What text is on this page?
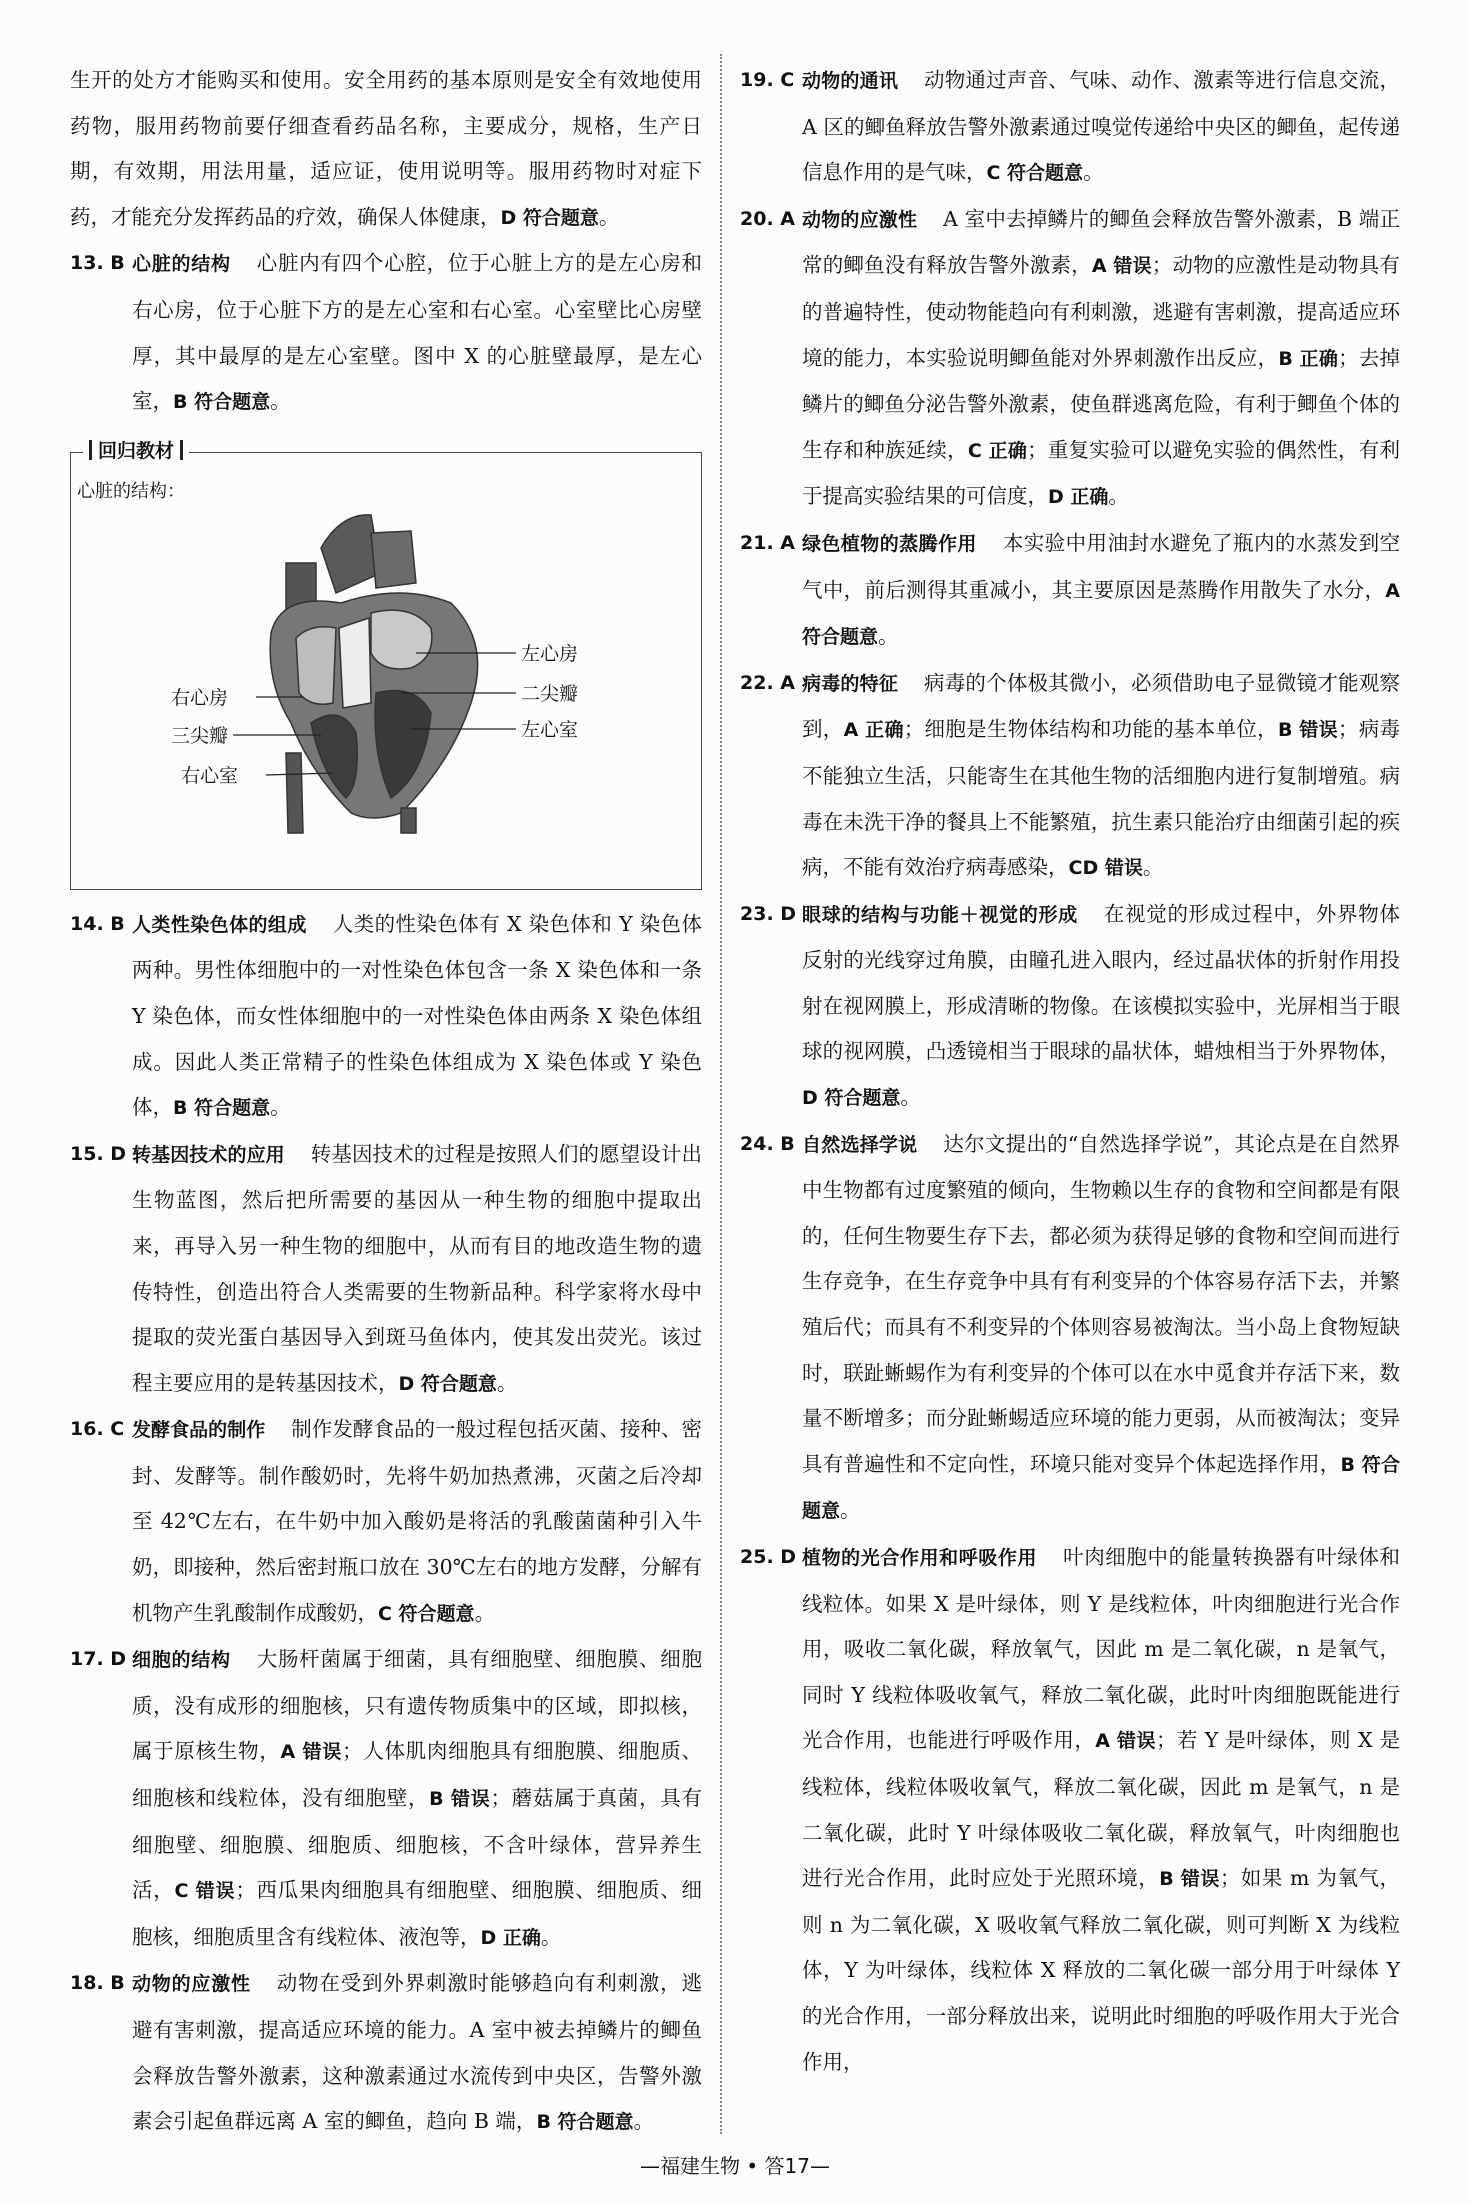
生开的处方才能购买和使用。安全用药的基本原则是安全有效地使用药物，服用药物前要仔细查看药品名称，主要成分，规格，生产日期，有效期，用法用量，适应证，使用说明等。服用药物时对症下药，才能充分发挥药品的疗效，确保人体健康，D 符合题意。

13. B 心脏的结构 心脏内有四个心腔，位于心脏上方的是左心房和右心房，位于心脏下方的是左心室和右心室。心室壁比心房壁厚，其中最厚的是左心室壁。图中 X 的心脏壁最厚，是左心室，B 符合题意。
回归教材
心脏的结构：
左心房
右心房	二尖瓣
三尖瓣	左心室
右心室
14. B 人类性染色体的组成 人类的性染色体有 X 染色体和 Y 染色体两种。男性体细胞中的一对性染色体包含一条 X 染色体和一条 Y 染色体，而女性体细胞中的一对性染色体由两条 X 染色体组成。因此人类正常精子的性染色体组成为 X 染色体或 Y 染色体，B 符合题意。
15. D 转基因技术的应用 转基因技术的过程是按照人们的愿望设计出生物蓝图，然后把所需要的基因从一种生物的细胞中提取出来，再导入另一种生物的细胞中，从而有目的地改造生物的遗传特性，创造出符合人类需要的生物新品种。科学家将水母中提取的荧光蛋白基因导入到斑马鱼体内，使其发出荧光。该过程主要应用的是转基因技术，D 符合题意。
16. C 发酵食品的制作 制作发酵食品的一般过程包括灭菌、接种、密封、发酵等。制作酸奶时，先将牛奶加热煮沸，灭菌之后冷却至 42℃左右，在牛奶中加入酸奶是将活的乳酸菌菌种引入牛奶，即接种，然后密封瓶口放在 30℃左右的地方发酵，分解有机物产生乳酸制作成酸奶，C 符合题意。
17. D 细胞的结构 大肠杆菌属于细菌，具有细胞壁、细胞膜、细胞质，没有成形的细胞核，只有遗传物质集中的区域，即拟核，属于原核生物，A 错误；人体肌肉细胞具有细胞膜、细胞质、细胞核和线粒体，没有细胞壁，B 错误；蘑菇属于真菌，具有细胞壁、细胞膜、细胞质、细胞核，不含叶绿体，营异养生活，C 错误；西瓜果肉细胞具有细胞壁、细胞膜、细胞质、细胞核，细胞质里含有线粒体、液泡等，D 正确。
18. B 动物的应激性 动物在受到外界刺激时能够趋向有利刺激，逃避有害刺激，提高适应环境的能力。A 室中被去掉鳞片的鲫鱼会释放告警外激素，这种激素通过水流传到中央区，告警外激素会引起鱼群远离 A 室的鲫鱼，趋向 B 端，B 符合题意。
19. C 动物的通讯 动物通过声音、气味、动作、激素等进行信息交流，A 区的鲫鱼释放告警外激素通过嗅觉传递给中央区的鲫鱼，起传递信息作用的是气味，C 符合题意。
20. A 动物的应激性 A 室中去掉鳞片的鲫鱼会释放告警外激素，B 端正常的鲫鱼没有释放告警外激素，A 错误；动物的应激性是动物具有的普遍特性，使动物能趋向有利刺激，逃避有害刺激，提高适应环境的能力，本实验说明鲫鱼能对外界刺激作出反应，B 正确；去掉鳞片的鲫鱼分泌告警外激素，使鱼群逃离危险，有利于鲫鱼个体的生存和种族延续，C 正确；重复实验可以避免实验的偶然性，有利于提高实验结果的可信度，D 正确。
21. A 绿色植物的蒸腾作用 本实验中用油封水避免了瓶内的水蒸发到空气中，前后测得其重减小，其主要原因是蒸腾作用散失了水分，A 符合题意。
22. A 病毒的特征 病毒的个体极其微小，必须借助电子显微镜才能观察到，A 正确；细胞是生物体结构和功能的基本单位，B 错误；病毒不能独立生活，只能寄生在其他生物的活细胞内进行复制增殖。病毒在未洗干净的餐具上不能繁殖，抗生素只能治疗由细菌引起的疾病，不能有效治疗病毒感染，CD 错误。
23. D 眼球的结构与功能＋视觉的形成 在视觉的形成过程中，外界物体反射的光线穿过角膜，由瞳孔进入眼内，经过晶状体的折射作用投射在视网膜上，形成清晰的物像。在该模拟实验中，光屏相当于眼球的视网膜，凸透镜相当于眼球的晶状体，蜡烛相当于外界物体，D 符合题意。
24. B 自然选择学说 达尔文提出的“自然选择学说”，其论点是在自然界中生物都有过度繁殖的倾向，生物赖以生存的食物和空间都是有限的，任何生物要生存下去，都必须为获得足够的食物和空间而进行生存竞争，在生存竞争中具有有利变异的个体容易存活下去，并繁殖后代；而具有不利变异的个体则容易被淘汰。当小岛上食物短缺时，联趾蜥蜴作为有利变异的个体可以在水中觅食并存活下来，数量不断增多；而分趾蜥蜴适应环境的能力更弱，从而被淘汰；变异具有普遍性和不定向性，环境只能对变异个体起选择作用，B 符合题意。
25. D 植物的光合作用和呼吸作用 叶肉细胞中的能量转换器有叶绿体和线粒体。如果 X 是叶绿体，则 Y 是线粒体，叶肉细胞进行光合作用，吸收二氧化碳，释放氧气，因此 m 是二氧化碳，n 是氧气，同时 Y 线粒体吸收氧气，释放二氧化碳，此时叶肉细胞既能进行光合作用，也能进行呼吸作用，A 错误；若 Y 是叶绿体，则 X 是线粒体，线粒体吸收氧气，释放二氧化碳，因此 m 是氧气，n 是二氧化碳，此时 Y 叶绿体吸收二氧化碳，释放氧气，叶肉细胞也进行光合作用，此时应处于光照环境，B 错误；如果 m 为氧气，则 n 为二氧化碳，X 吸收氧气释放二氧化碳，则可判断 X 为线粒体，Y 为叶绿体，线粒体 X 释放的二氧化碳一部分用于叶绿体 Y 的光合作用，一部分释放出来，说明此时细胞的呼吸作用大于光合作用，
—福建生物 • 答17—
